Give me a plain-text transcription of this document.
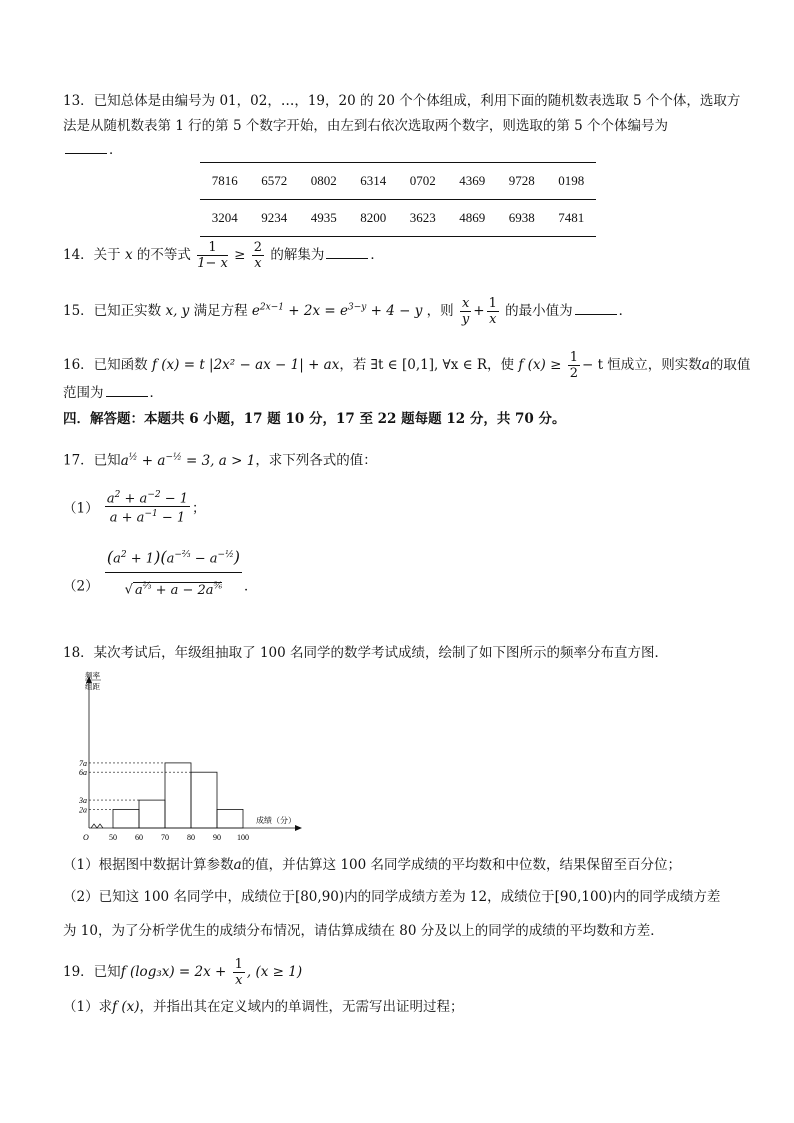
13．已知总体是由编号为 01，02，…，19，20 的 20 个个体组成，利用下面的随机数表选取 5 个个体，选取方
法是从随机数表第 1 行的第 5 个数字开始，由左到右依次选取两个数字，则选取的第 5 个个体编号为
．
7816	6572	0802	6314	0702	4369	9728	0198
3204	9234	4935	8200	3623	4869	6938	7481
14．关于 x 的不等式 $\frac{1}{1- x} \ge \frac{2}{x}$ 的解集为	．
15．已知正实数 x, y 满足方程 $e^{2x-1} + 2x = e^{3-y} + 4 - y$ ，则 $\frac{x}{y} + \frac{1}{x}$ 的最小值为	．
16．已知函数 f (x) = t |2x² − ax − 1| + ax，若 ∃t ∈ [0,1], ∀x ∈ R，使 f $(x) \ge \frac{1}{2} - t$ 恒成立，则实数a的取值
范围为	．
四．解答题：本题共 6 小题，17 题 10 分，17 至 22 题每题 12 分，共 70 分。
17．已知$a^{\frac{1}{2}} + a^{-\frac{1}{2}} = 3$, a > 1，求下列各式的值：
$(1) \frac{a^2 + a^{-2} - 1}{a + a^{-1} - 1}$ ；
$(2) \frac{(a^2 + 1)(a^{-\frac{2}{3}} - a^{-\frac{1}{2}})}{√ a^{\frac{2}{3}} + a - 2a^{\frac{5}{6}}}$ ．
18．某次考试后，年级组抽取了 100 名同学的数学考试成绩，绘制了如下图所示的频率分布直方图．
2a
3a
6a
7a
50 60 70 80 90 100
O
成绩（分）
频率
组距
（1）根据图中数据计算参数a的值，并估算这 100 名同学成绩的平均数和中位数，结果保留至百分位；
（2）已知这 100 名同学中，成绩位于[80,90)内的同学成绩方差为 12，成绩位于[90,100)内的同学成绩方差
为 10，为了分析学优生的成绩分布情况，请估算成绩在 80 分及以上的同学的成绩的平均数和方差．
19．已知f $(\log_3x) = 2x + \frac{1}{x}$ , (x ≥ 1)
（1）求f (x)，并指出其在定义域内的单调性，无需写出证明过程；
